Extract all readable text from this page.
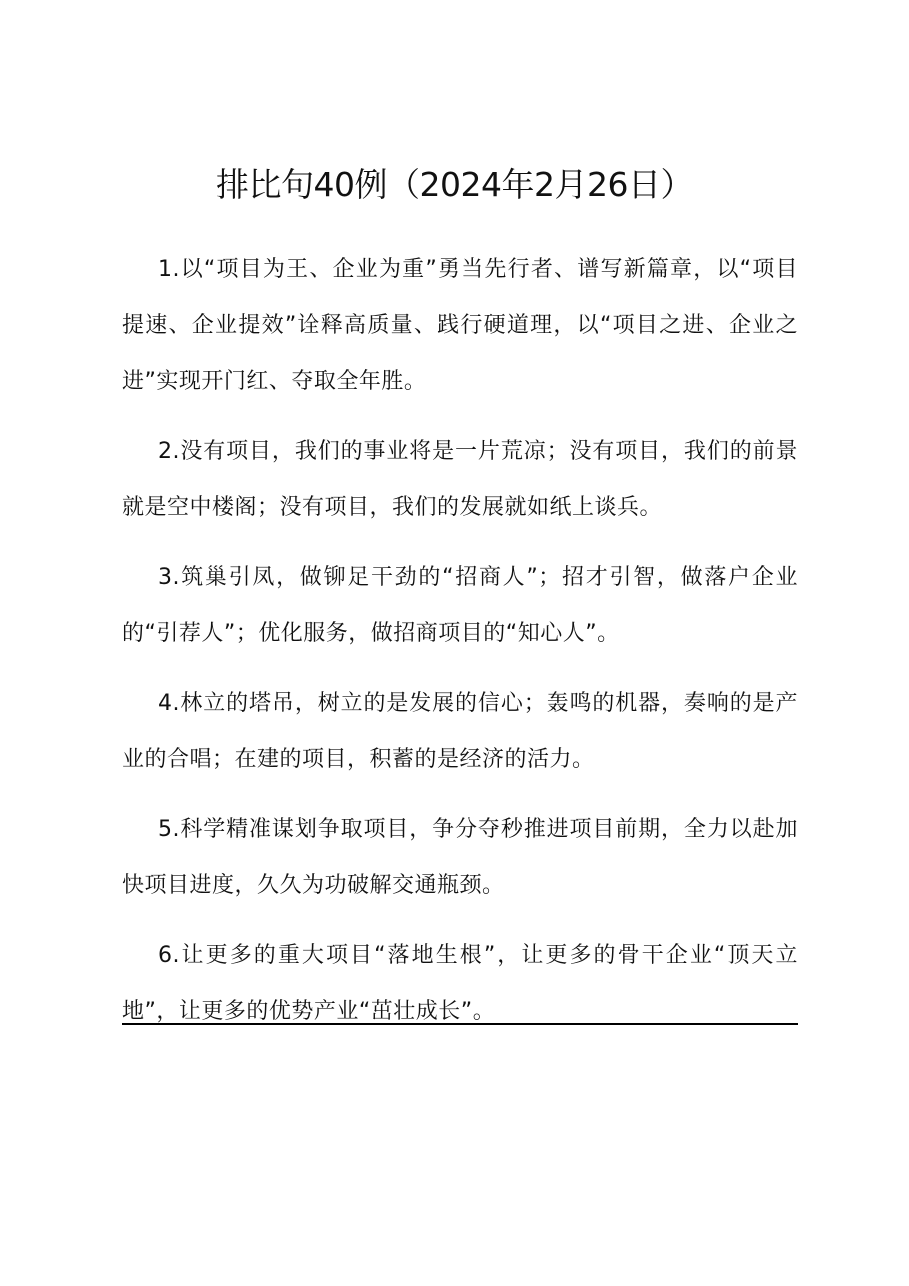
排比句40例（2024年2月26日）

1.以“项目为王、企业为重”勇当先行者、谱写新篇章，以“项目提速、企业提效”诠释高质量、践行硬道理，以“项目之进、企业之进”实现开门红、夺取全年胜。

2.没有项目，我们的事业将是一片荒凉；没有项目，我们的前景就是空中楼阁；没有项目，我们的发展就如纸上谈兵。

3.筑巢引凤，做铆足干劲的“招商人”；招才引智，做落户企业的“引荐人”；优化服务，做招商项目的“知心人”。

4.林立的塔吊，树立的是发展的信心；轰鸣的机器，奏响的是产业的合唱；在建的项目，积蓄的是经济的活力。

5.科学精准谋划争取项目，争分夺秒推进项目前期，全力以赴加快项目进度，久久为功破解交通瓶颈。

6.让更多的重大项目“落地生根”，让更多的骨干企业“顶天立地”，让更多的优势产业“茁壮成长”。
